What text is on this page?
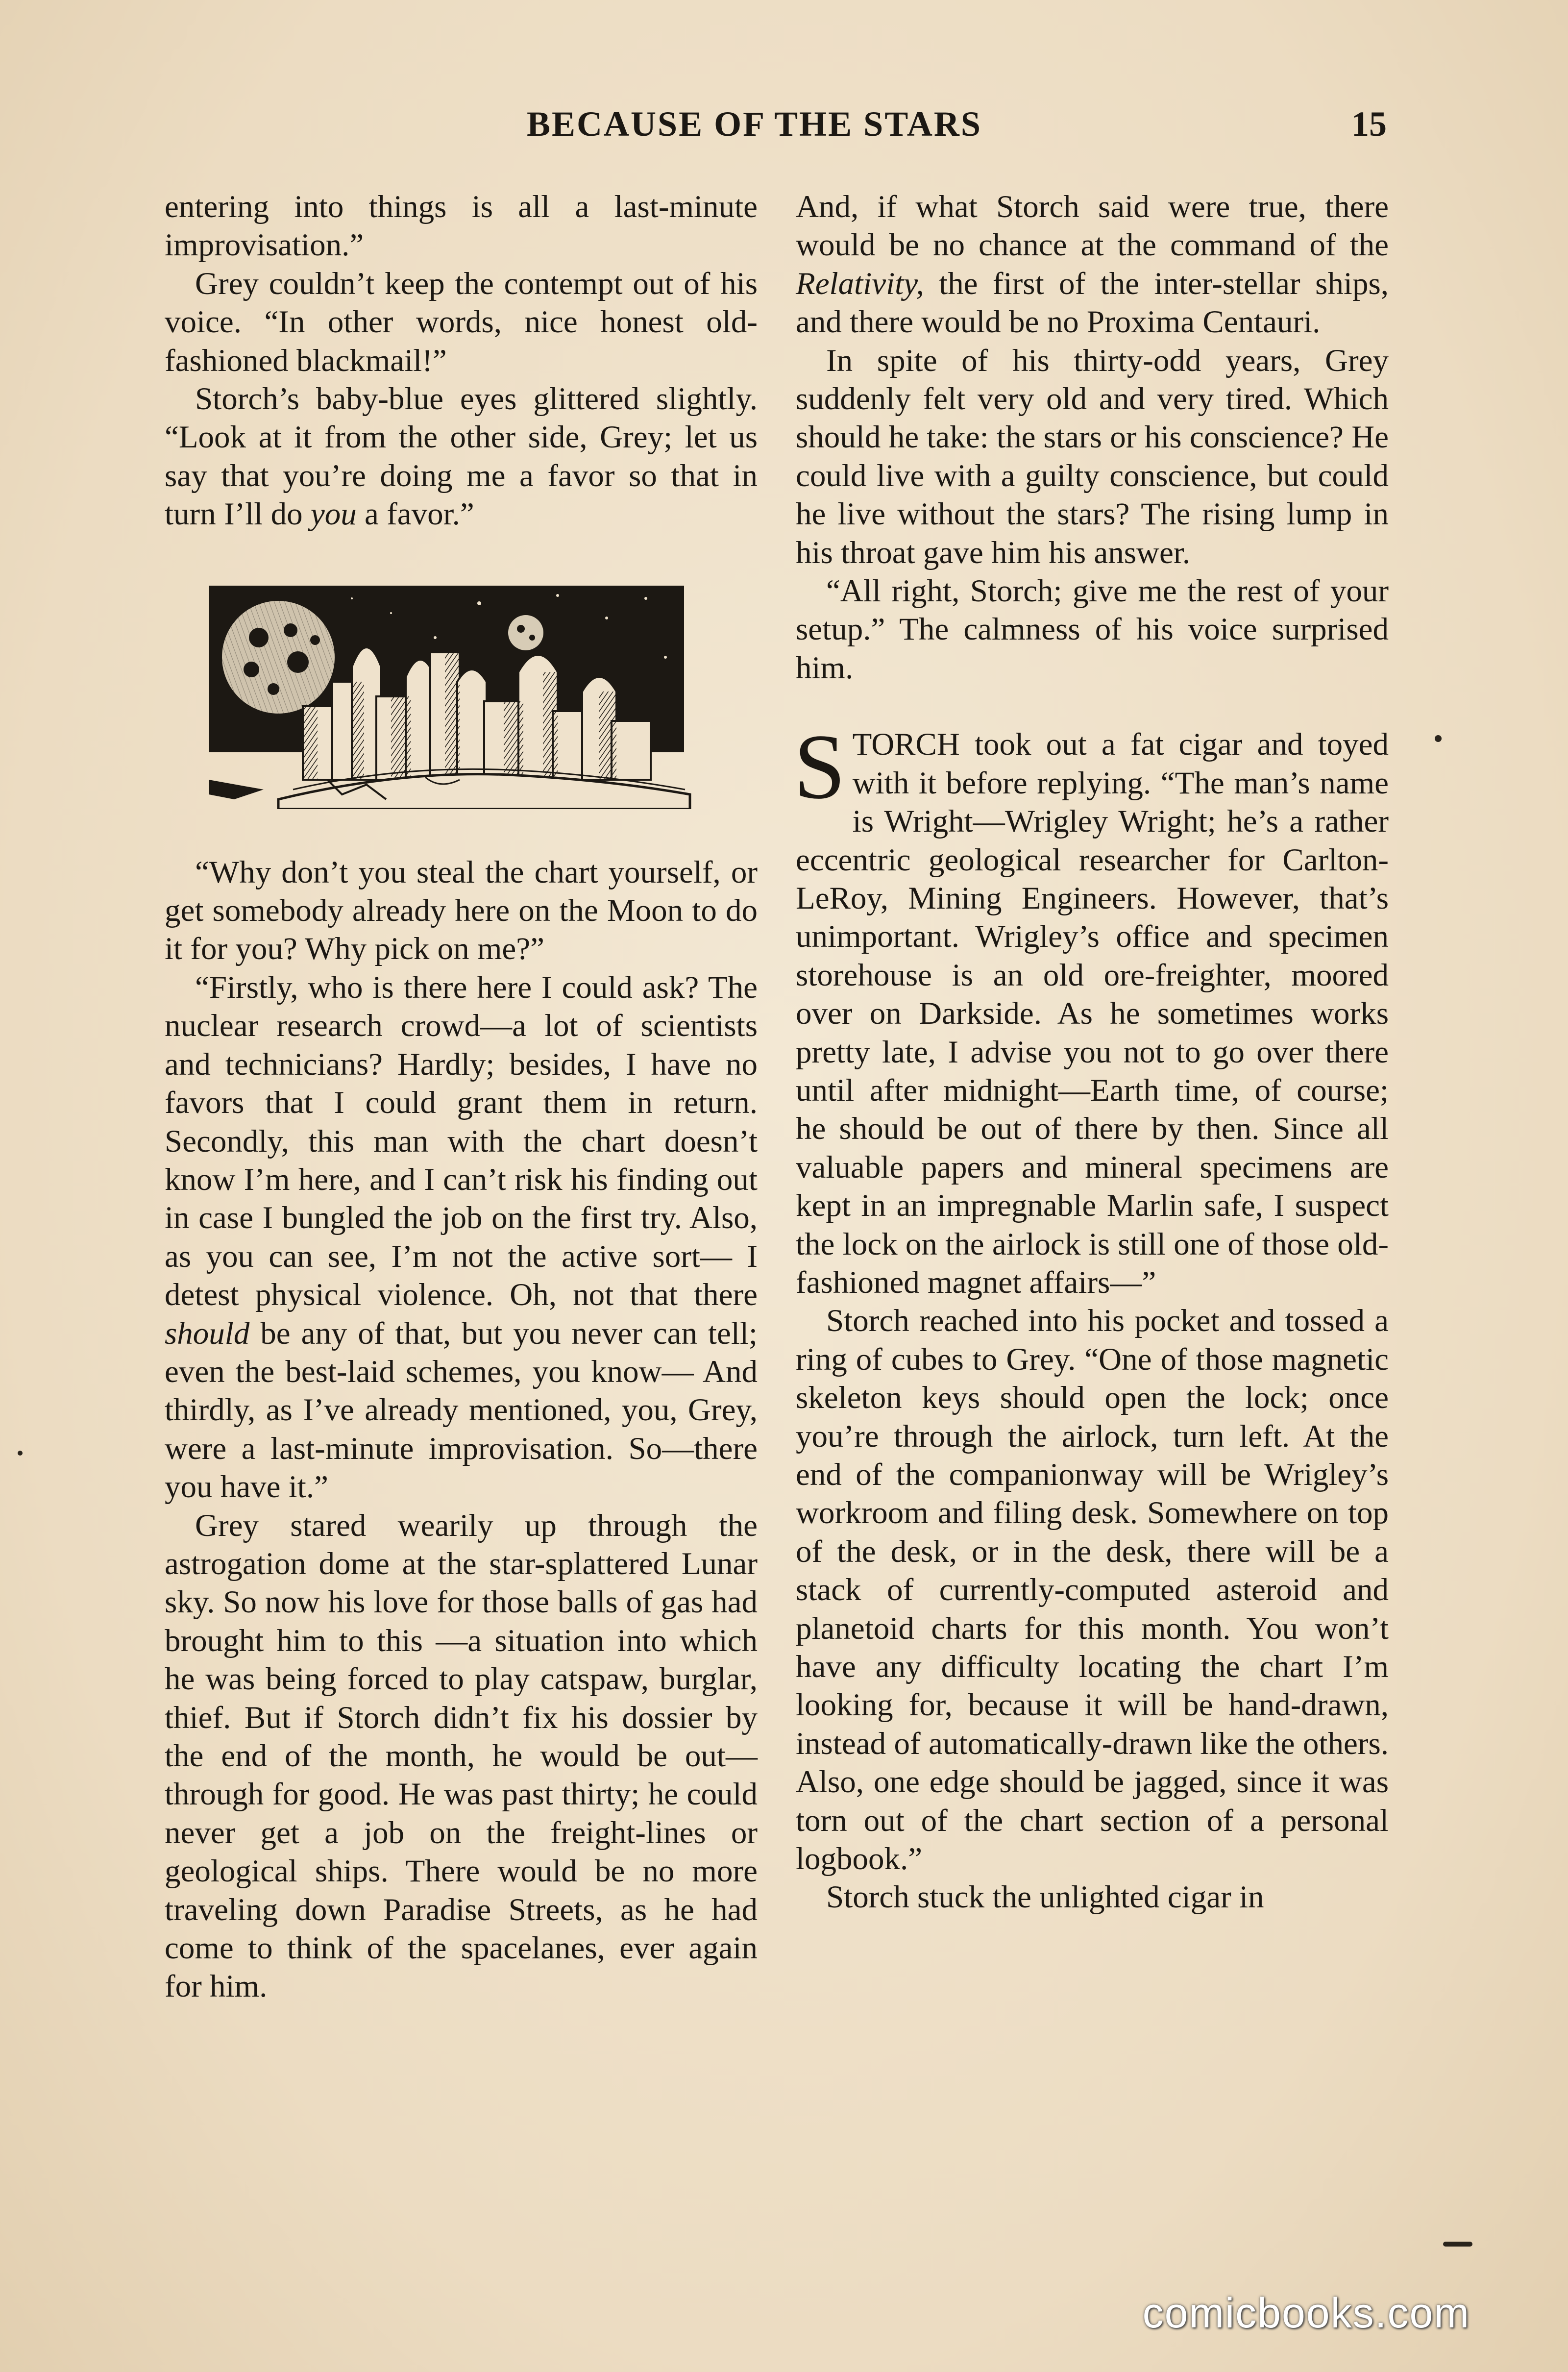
BECAUSE OF THE STARS	15

entering into things is all a last-minute improvisation.”

Grey couldn’t keep the contempt out of his voice. “In other words, nice honest old-fashioned blackmail!”

Storch’s baby-blue eyes glittered slightly. “Look at it from the other side, Grey; let us say that you’re doing me a favor so that in turn I’ll do you a favor.”

“Why don’t you steal the chart yourself, or get somebody already here on the Moon to do it for you? Why pick on me?”

“Firstly, who is there here I could ask? The nuclear research crowd—a lot of scientists and technicians? Hardly; besides, I have no favors that I could grant them in return. Secondly, this man with the chart doesn’t know I’m here, and I can’t risk his finding out in case I bungled the job on the first try. Also, as you can see, I’m not the active sort— I detest physical violence. Oh, not that there should be any of that, but you never can tell; even the best-laid schemes, you know— And thirdly, as I’ve already mentioned, you, Grey, were a last-minute improvisation. So—there you have it.”

Grey stared wearily up through the astrogation dome at the star-splattered Lunar sky. So now his love for those balls of gas had brought him to this —a situation into which he was being forced to play catspaw, burglar, thief. But if Storch didn’t fix his dossier by the end of the month, he would be out—through for good. He was past thirty; he could never get a job on the freight-lines or geological ships. There would be no more traveling down Paradise Streets, as he had come to think of the spacelanes, ever again for him.

And, if what Storch said were true, there would be no chance at the command of the Relativity, the first of the inter-stellar ships, and there would be no Proxima Centauri.

In spite of his thirty-odd years, Grey suddenly felt very old and very tired. Which should he take: the stars or his conscience? He could live with a guilty conscience, but could he live without the stars? The rising lump in his throat gave him his answer.

“All right, Storch; give me the rest of your setup.” The calmness of his voice surprised him.

STORCH took out a fat cigar and toyed with it before replying. “The man’s name is Wright—Wrigley Wright; he’s a rather eccentric geological researcher for Carlton-LeRoy, Mining Engineers. However, that’s unimportant. Wrigley’s office and specimen storehouse is an old ore-freighter, moored over on Darkside. As he sometimes works pretty late, I advise you not to go over there until after midnight—Earth time, of course; he should be out of there by then. Since all valuable papers and mineral specimens are kept in an impregnable Marlin safe, I suspect the lock on the airlock is still one of those old-fashioned magnet affairs—”

Storch reached into his pocket and tossed a ring of cubes to Grey. “One of those magnetic skeleton keys should open the lock; once you’re through the airlock, turn left. At the end of the companionway will be Wrigley’s workroom and filing desk. Somewhere on top of the desk, or in the desk, there will be a stack of currently-computed asteroid and planetoid charts for this month. You won’t have any difficulty locating the chart I’m looking for, because it will be hand-drawn, instead of automatically-drawn like the others. Also, one edge should be jagged, since it was torn out of the chart section of a personal logbook.”

Storch stuck the unlighted cigar in

comicbooks.com
